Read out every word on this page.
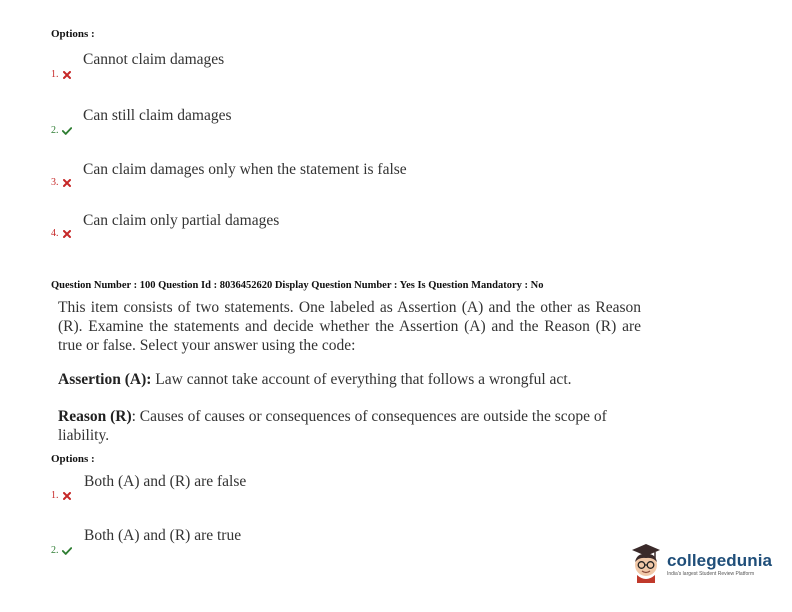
Options :
Cannot claim damages
1.
Can still claim damages
2.
Can claim damages only when the statement is false
3.
Can claim only partial damages
4.
Question Number : 100 Question Id : 8036452620 Display Question Number : Yes Is Question Mandatory : No
This item consists of two statements. One labeled as Assertion (A) and the other as Reason (R). Examine the statements and decide whether the Assertion (A) and the Reason (R) are true or false. Select your answer using the code:
Assertion (A): Law cannot take account of everything that follows a wrongful act.
Reason (R): Causes of causes or consequences of consequences are outside the scope of liability.
Options :
Both (A) and (R) are false
1.
Both (A) and (R) are true
2.
collegedunia
India's largest Student Review Platform
